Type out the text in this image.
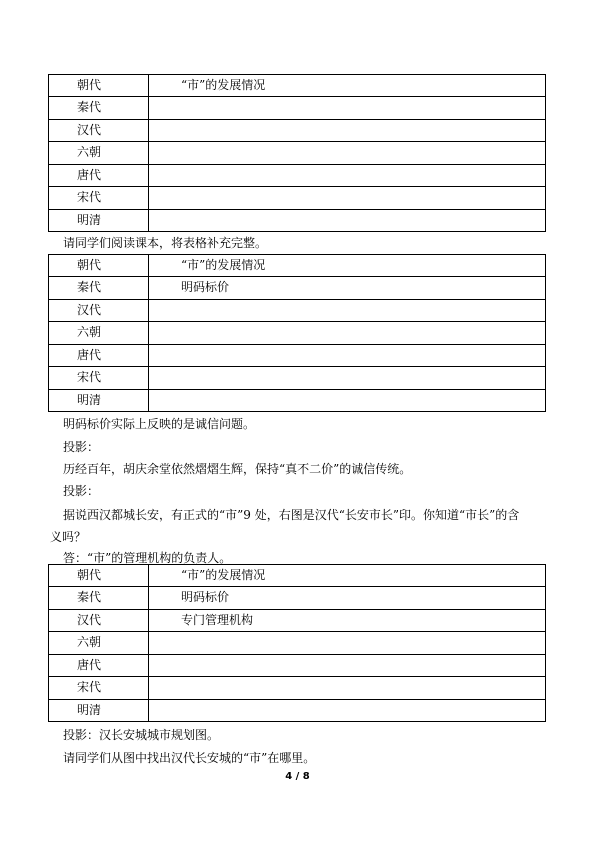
朝代	“市”的发展情况
秦代	
汉代	
六朝	
唐代	
宋代	
明清	
请同学们阅读课本，将表格补充完整。
朝代	“市”的发展情况
秦代	明码标价
汉代	
六朝	
唐代	
宋代	
明清	
明码标价实际上反映的是诚信问题。
投影：
历经百年，胡庆余堂依然熠熠生辉，保持“真不二价”的诚信传统。
投影：
据说西汉都城长安，有正式的“市”9 处，右图是汉代“长安市长”印。你知道“市长”的含义吗？
答：“市”的管理机构的负责人。
朝代	“市”的发展情况
秦代	明码标价
汉代	专门管理机构
六朝	
唐代	
宋代	
明清	
投影：汉长安城城市规划图。
请同学们从图中找出汉代长安城的“市”在哪里。
4 / 8
